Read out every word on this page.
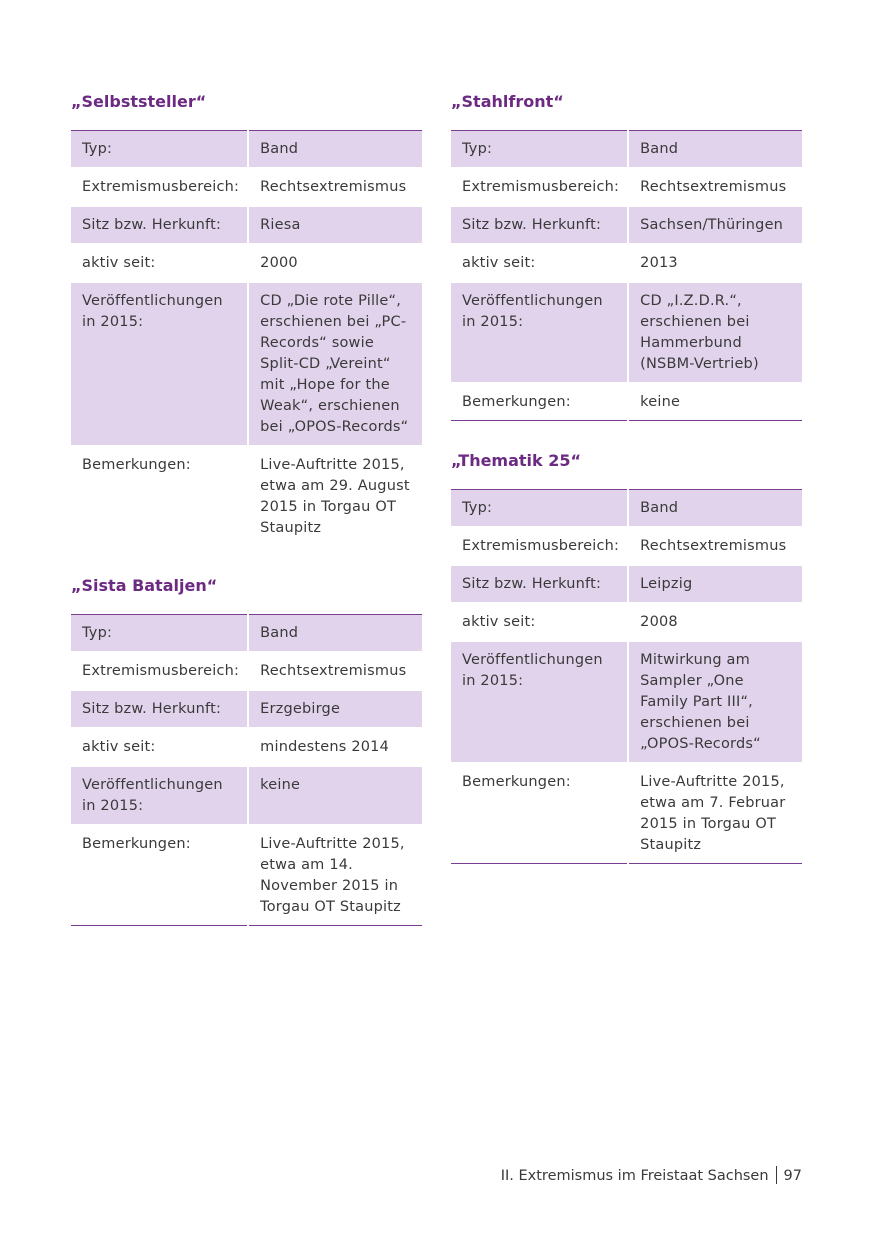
„Selbststeller“
Typ:	Band
Extremismusbereich:	Rechtsextremismus
Sitz bzw. Herkunft:	Riesa
aktiv seit:	2000
Veröffentlichungen in 2015:	CD „Die rote Pille“, erschienen bei „PC-Records“ sowie Split-CD „Vereint“ mit „Hope for the Weak“, erschienen bei „OPOS-Records“
Bemerkungen:	Live-Auftritte 2015, etwa am 29. August 2015 in Torgau OT Staupitz
„Sista Bataljen“
Typ:	Band
Extremismusbereich:	Rechtsextremismus
Sitz bzw. Herkunft:	Erzgebirge
aktiv seit:	mindestens 2014
Veröffentlichungen in 2015:	keine
Bemerkungen:	Live-Auftritte 2015, etwa am 14. November 2015 in Torgau OT Staupitz
„Stahlfront“
Typ:	Band
Extremismusbereich:	Rechtsextremismus
Sitz bzw. Herkunft:	Sachsen/Thüringen
aktiv seit:	2013
Veröffentlichungen in 2015:	CD „I.Z.D.R.“, erschienen bei Hammerbund (NSBM-Vertrieb)
Bemerkungen:	keine
„Thematik 25“
Typ:	Band
Extremismusbereich:	Rechtsextremismus
Sitz bzw. Herkunft:	Leipzig
aktiv seit:	2008
Veröffentlichungen in 2015:	Mitwirkung am Sampler „One Family Part III“, erschienen bei „OPOS-Records“
Bemerkungen:	Live-Auftritte 2015, etwa am 7. Februar 2015 in Torgau OT Staupitz
II. Extremismus im Freistaat Sachsen 97
